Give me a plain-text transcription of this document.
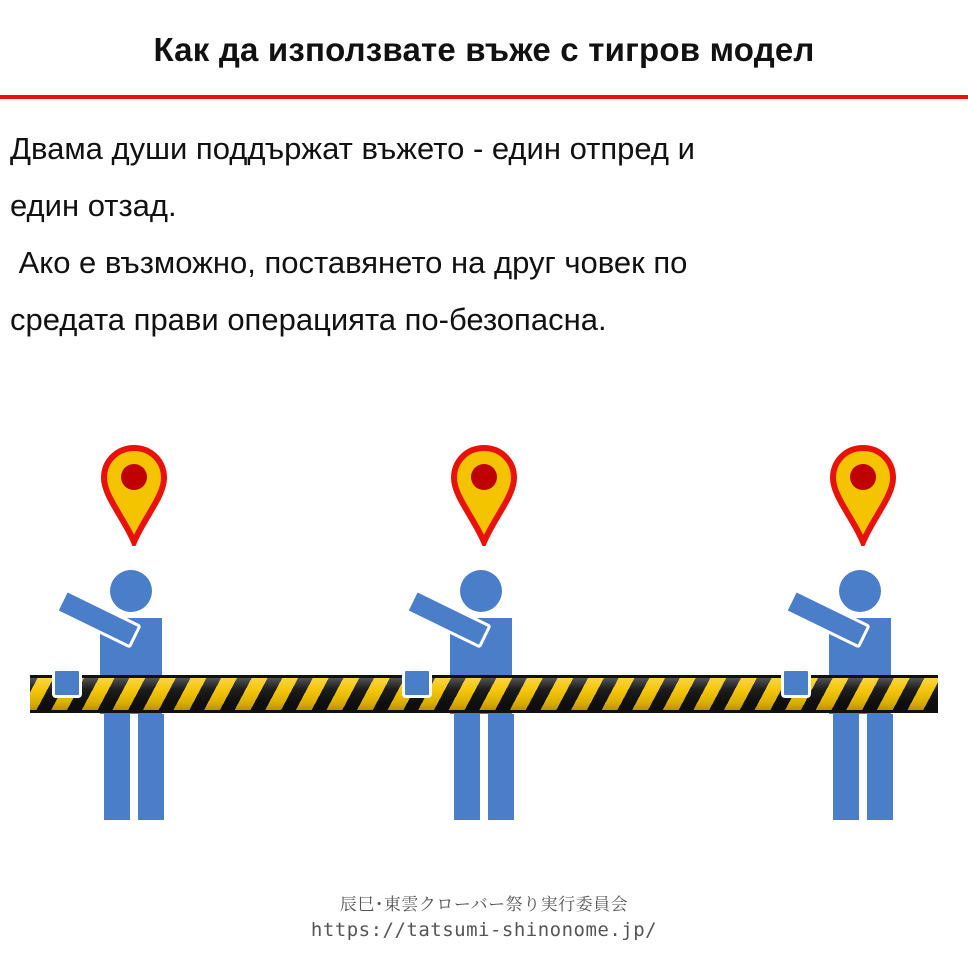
Как да използвате въже с тигров модел
Двама души поддържат въжето - един отпред и
един отзад.
Ако е възможно, поставянето на друг човек по
средата прави операцията по-безопасна.
辰巳･東雲クローバー祭り実行委員会
https://tatsumi-shinonome.jp/
